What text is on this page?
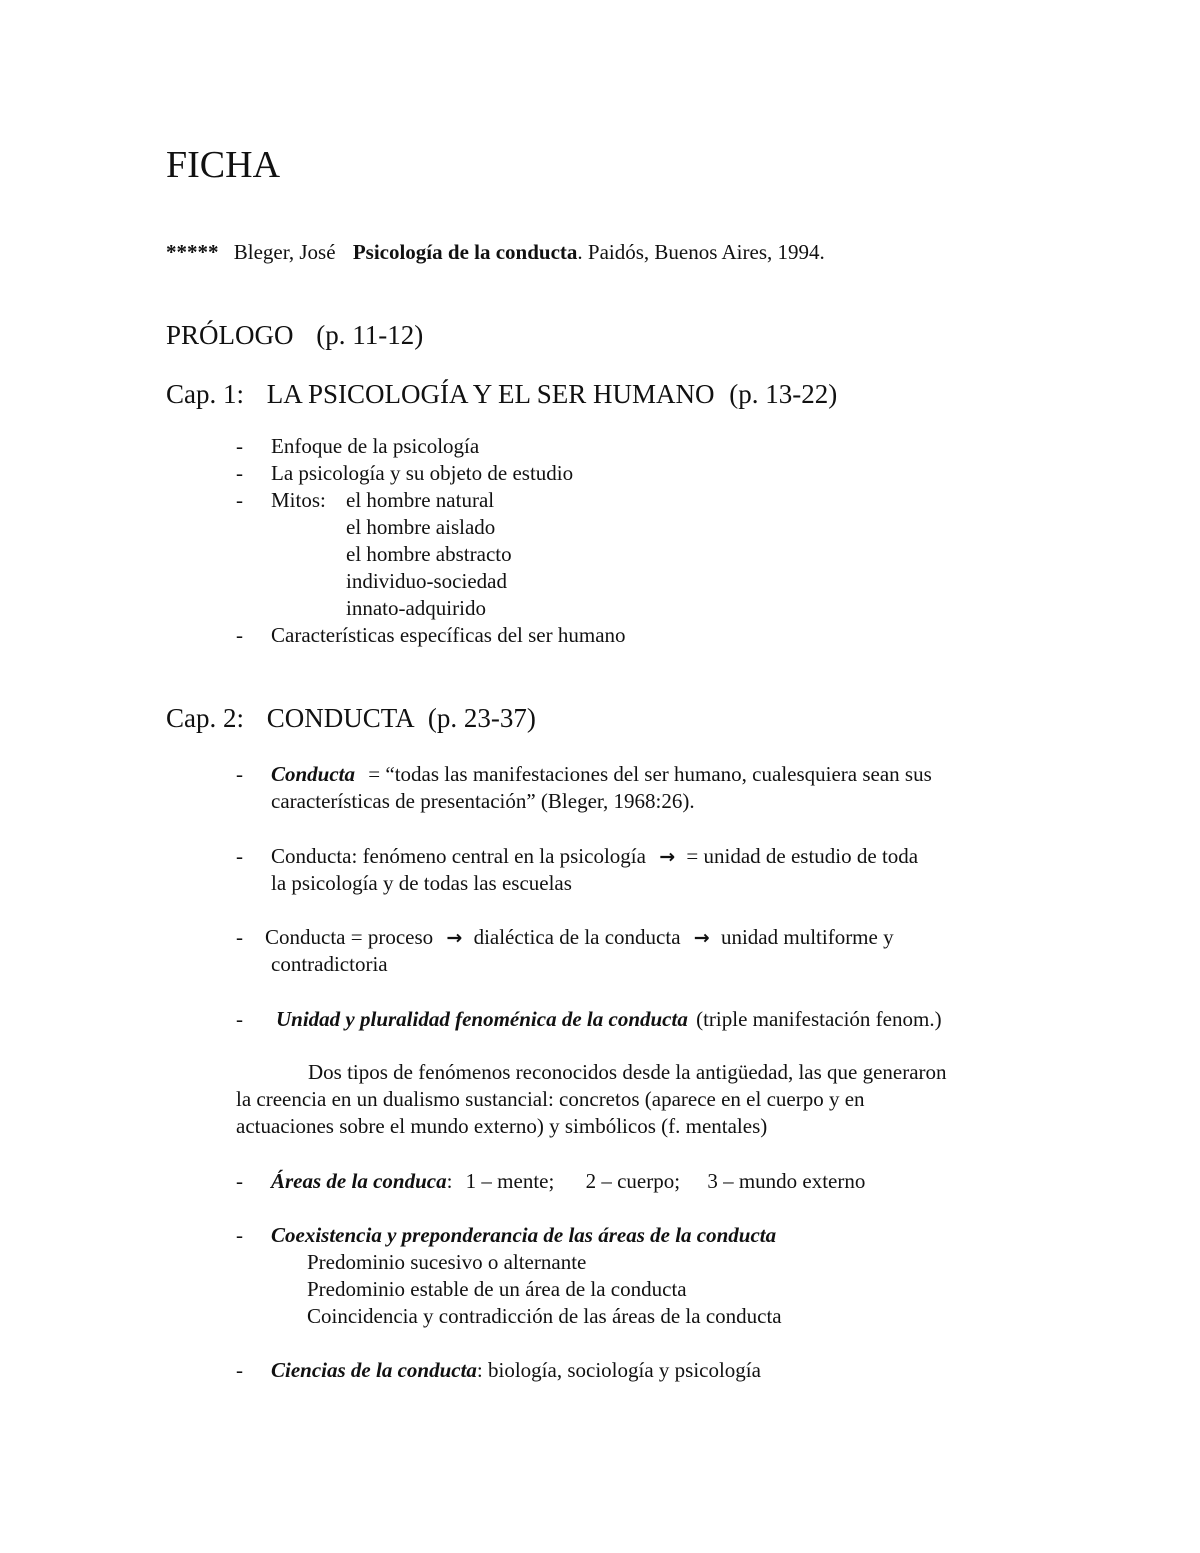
FICHA
***** Bleger, José Psicología de la conducta. Paidós, Buenos Aires, 1994.
PRÓLOGO (p. 11-12)
Cap. 1: LA PSICOLOGÍA Y EL SER HUMANO (p. 13-22)
- Enfoque de la psicología
- La psicología y su objeto de estudio
- Mitos: el hombre natural
el hombre aislado
el hombre abstracto
individuo-sociedad
innato-adquirido
- Características específicas del ser humano
Cap. 2: CONDUCTA (p. 23-37)
- Conducta = “todas las manifestaciones del ser humano, cualesquiera sean sus
características de presentación” (Bleger, 1968:26).
- Conducta: fenómeno central en la psicología → = unidad de estudio de toda
la psicología y de todas las escuelas
- Conducta = proceso → dialéctica de la conducta → unidad multiforme y
contradictoria
- Unidad y pluralidad fenoménica de la conducta (triple manifestación fenom.)
Dos tipos de fenómenos reconocidos desde la antigüedad, las que generaron
la creencia en un dualismo sustancial: concretos (aparece en el cuerpo y en
actuaciones sobre el mundo externo) y simbólicos (f. mentales)
- Áreas de la conduca: 1 – mente; 2 – cuerpo; 3 – mundo externo
- Coexistencia y preponderancia de las áreas de la conducta
Predominio sucesivo o alternante
Predominio estable de un área de la conducta
Coincidencia y contradicción de las áreas de la conducta
- Ciencias de la conducta: biología, sociología y psicología
